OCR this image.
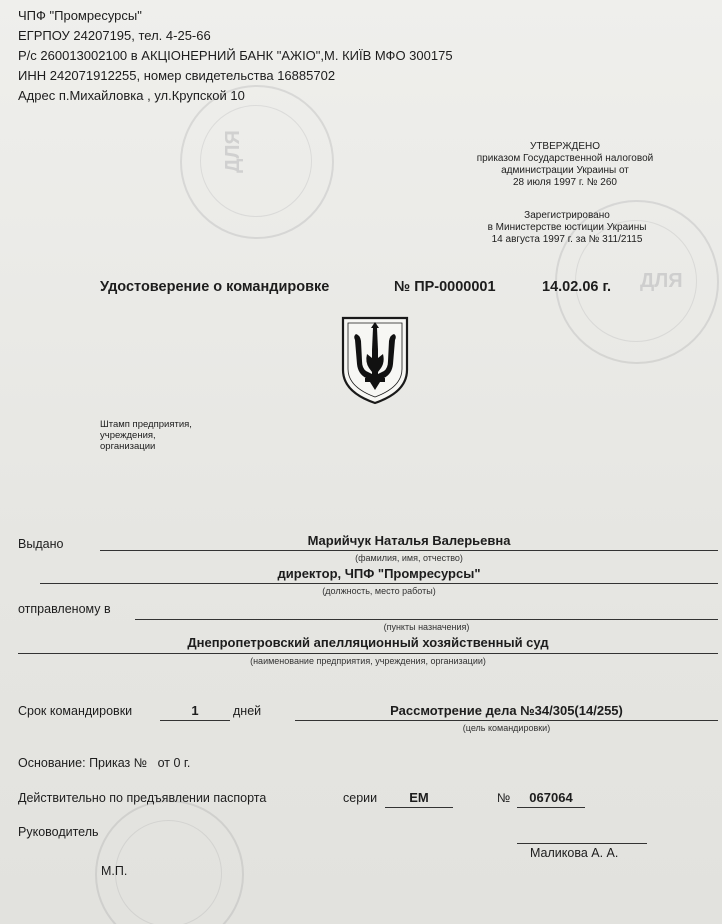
ДЛЯ
ДЛЯ
ЧПФ "Промресурсы"
ЕГРПОУ 24207195, тел. 4-25-66
Р/с 260013002100 в АКЦІОНЕРНИЙ БАНК "АЖІО",М. КИЇВ МФО 300175
ИНН 242071912255, номер свидетельства 16885702
Адрес п.Михайловка , ул.Крупской 10
УТВЕРЖДЕНО
приказом Государственной налоговой
администрации Украины от
28 июля 1997 г. № 260
Зарегистрировано
в Министерстве юстиции Украины
14 августа 1997 г. за № 311/2115
Удостоверение о командировке	№ ПР-0000001	14.02.06 г.
Штамп предприятия,
учреждения,
организации
Выдано	Марийчук Наталья Валерьевна
(фамилия, имя, отчество)
директор, ЧПФ "Промресурсы"
(должность, место работы)
отправленому в
(пункты назначения)
Днепропетровский апелляционный хозяйственный суд
(наименование предприятия, учреждения, организации)
Срок командировки	1	дней	Рассмотрение дела №34/305(14/255)
(цель командировки)
Основание: Приказ №   от 0 г.
Действительно по предъявлении паспорта	серии	ЕМ	№	067064
Руководитель
Маликова А. А.
М.П.
